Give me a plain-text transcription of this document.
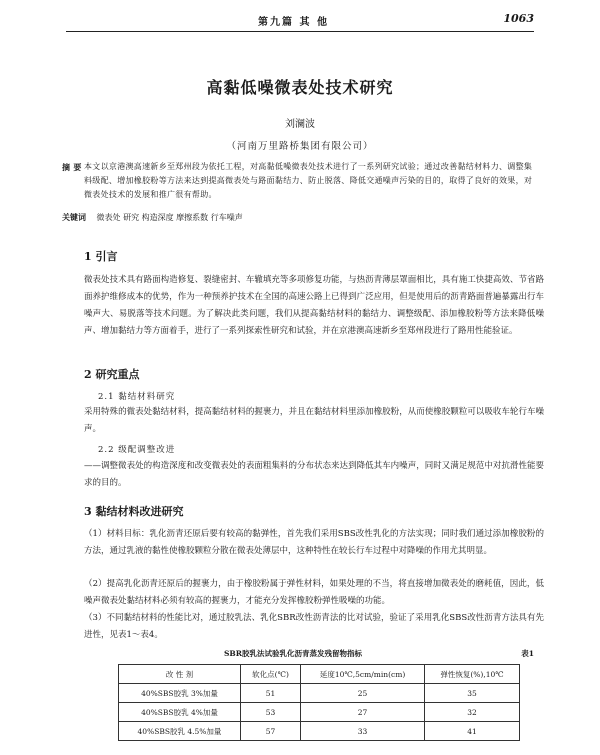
第九篇 其 他	1063
高黏低噪微表处技术研究
刘澜波
（河南万里路桥集团有限公司）
摘 要 本文以京港澳高速新乡至郑州段为依托工程，对高黏低噪微表处技术进行了一系列研究试验；通过改善黏结材料力、调整集料级配、增加橡胶粉等方法来达到提高微表处与路面黏结力、防止脱落、降低交通噪声污染的目的，取得了良好的效果，对微表处技术的发展和推广很有帮助。
关键词 微表处 研究 构造深度 摩擦系数 行车噪声
1 引言
微表处技术具有路面构造修复、裂缝密封、车辙填充等多项修复功能，与热沥青薄层罩面相比，具有施工快捷高效、节省路面养护维修成本的优势，作为一种预养护技术在全国的高速公路上已得到广泛应用，但是使用后的沥青路面普遍暴露出行车噪声大、易脱落等技术问题。为了解决此类问题，我们从提高黏结材料的黏结力、调整级配、添加橡胶粉等方法来降低噪声、增加黏结力等方面着手，进行了一系列探索性研究和试验，并在京港澳高速新乡至郑州段进行了路用性能验证。
2 研究重点
2.1 黏结材料研究
采用特殊的微表处黏结材料，提高黏结材料的握裹力，并且在黏结材料里添加橡胶粉，从而使橡胶颗粒可以吸收车轮行车噪声。
2.2 级配调整改进
——调整微表处的构造深度和改变微表处的表面粗集料的分布状态来达到降低其车内噪声，同时又满足规范中对抗滑性能要求的目的。
3 黏结材料改进研究
（1）材料目标：乳化沥青还原后要有较高的黏弹性，首先我们采用SBS改性乳化的方法实现；同时我们通过添加橡胶粉的方法，通过乳液的黏性使橡胶颗粒分散在微表处薄层中，这种特性在较长行车过程中对降噪的作用尤其明显。
（2）提高乳化沥青还原后的握裹力，由于橡胶粉属于弹性材料，如果处理的不当，将直接增加微表处的磨耗值，因此，低噪声微表处黏结材料必须有较高的握裹力，才能充分发挥橡胶粉弹性吸噪的功能。
（3）不同黏结材料的性能比对，通过胶乳法、乳化SBR改性沥青法的比对试验，验证了采用乳化SBS改性沥青方法具有先进性，见表1～表4。
SBR胶乳法试验乳化沥青蒸发残留物指标	表1
改 性 剂	软化点(℃)	延度10℃,5cm/min(cm)	弹性恢复(%),10℃
40%SBS胶乳 3%加量	51	25	35
40%SBS胶乳 4%加量	53	27	32
40%SBS胶乳 4.5%加量	57	33	41
